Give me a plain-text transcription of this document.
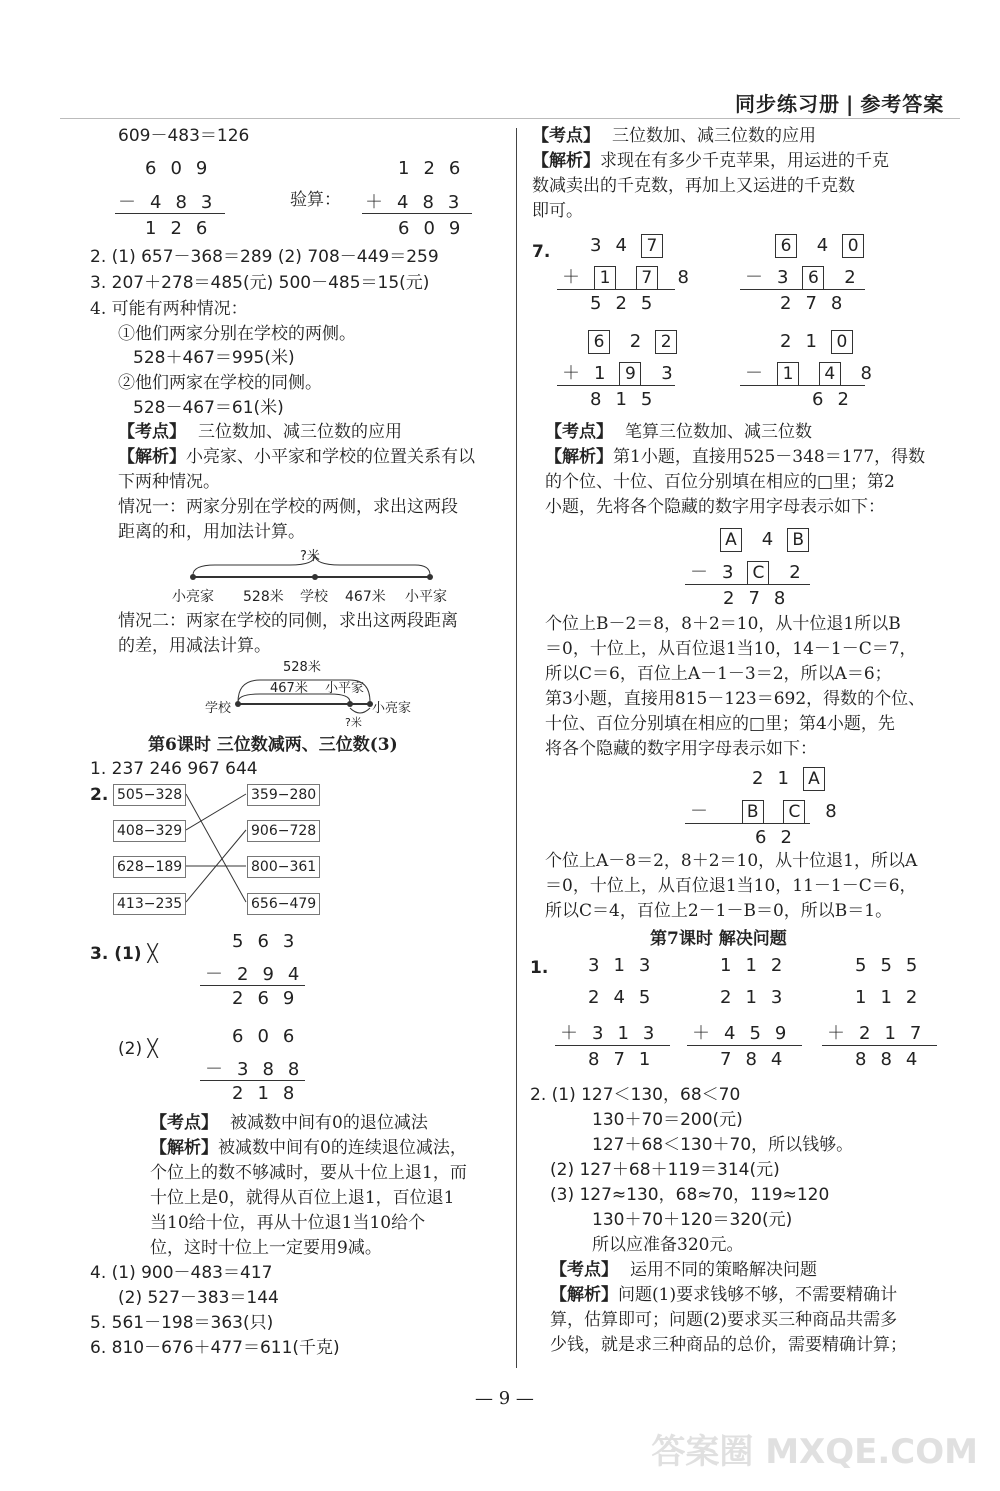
同步练习册 | 参考答案
609－483＝126
609
－483
126
验算：
126
＋483
609
2. (1) 657－368＝289 (2) 708－449＝259
3. 207＋278＝485(元) 500－485＝15(元)
4. 可能有两种情况：
①他们两家分别在学校的两侧。
528＋467＝995(米)
②他们两家在学校的同侧。
528－467＝61(米)
【考点】 三位数加、减三位数的应用
【解析】小亮家、小平家和学校的位置关系有以
下两种情况。
情况一：两家分别在学校的两侧，求出这两段
距离的和，用加法计算。
?米
小亮家 528米 学校 467米 小平家
情况二：两家在学校的同侧，求出这两段距离
的差，用减法计算。
528米
467米 小平家
学校	小亮家
?米
第6课时 三位数减两、三位数(3)
1. 237 246 967 644
2. 505−328
408−329
628−189
413−235
359−280
906−728
800−361
656−479
3. (1) ╳
563
－294
269
(2) ╳
606
－388
218
【考点】 被减数中间有0的退位减法
【解析】被减数中间有0的连续退位减法，
个位上的数不够减时，要从十位上退1，而
十位上是0，就得从百位上退1，百位退1
当10给十位，再从十位退1当10给个
位，这时十位上一定要用9减。
4. (1) 900－483＝417
(2) 527－383＝144
5. 561－198＝363(只)
6. 810－676＋477＝611(千克)
【考点】 三位数加、减三位数的应用
【解析】求现在有多少千克苹果，用运进的千克
数减卖出的千克数，再加上又运进的千克数
即可。
7. 34 7
＋ 1 7 8
525
6 4 0
－3 6 2
278
6 2 2
＋1 9 3
815
21 0
－ 1 4 8
62
【考点】 笔算三位数加、减三位数
【解析】第1小题，直接用525－348＝177，得数
的个位、十位、百位分别填在相应的□里；第2
小题，先将各个隐藏的数字用字母表示如下：
A 4 B
－3 C 2
278
个位上B－2＝8，8＋2＝10，从十位退1所以B
＝0，十位上，从百位退1当10，14－1－C＝7，
所以C＝6，百位上A－1－3＝2，所以A＝6；
第3小题，直接用815－123＝692，得数的个位、
十位、百位分别填在相应的□里；第4小题，先
将各个隐藏的数字用字母表示如下：
21 A
－ B C 8
62
个位上A－8＝2，8＋2＝10，从十位退1，所以A
＝0，十位上，从百位退1当10，11－1－C＝6，
所以C＝4，百位上2－1－B＝0，所以B＝1。
第7课时 解决问题
1. 313
245
＋313
871
112
213
＋459
784
555
112
＋217
884
2. (1) 127＜130，68＜70
130＋70＝200(元)
127＋68＜130＋70，所以钱够。
(2) 127＋68＋119＝314(元)
(3) 127≈130，68≈70，119≈120
130＋70＋120＝320(元)
所以应准备320元。
【考点】 运用不同的策略解决问题
【解析】问题(1)要求钱够不够，不需要精确计
算，估算即可；问题(2)要求买三种商品共需多
少钱，就是求三种商品的总价，需要精确计算；
— 9 —
答案圈 MXQE.COM
